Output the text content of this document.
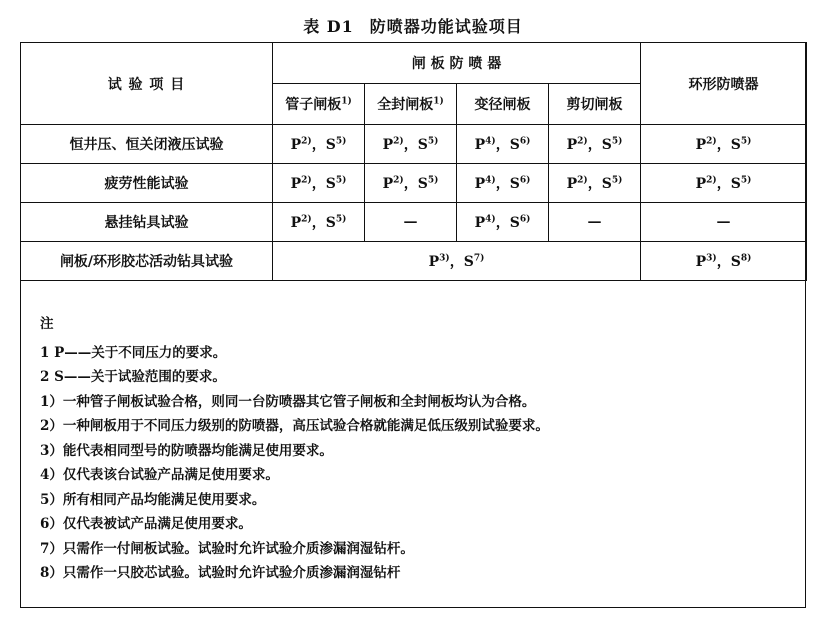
表 D1 防喷器功能试验项目
试 验 项 目	闸 板 防 喷 器				环形防喷器
	管子闸板$^{1)}$	全封闸板$^{1)}$	变径闸板	剪切闸板	
恒井压、恒关闭液压试验	$P^{2)}$，$S^{5)}$	$P^{2)}$，$S^{5)}$	$P^{4)}$，$S^{6)}$	$P^{2)}$，$S^{5)}$	$P^{2)}$，$S^{5)}$
疲劳性能试验	$P^{2)}$，$S^{5)}$	$P^{2)}$，$S^{5)}$	$P^{4)}$，$S^{6)}$	$P^{2)}$，$S^{5)}$	$P^{2)}$，$S^{5)}$
悬挂钻具试验	$P^{2)}$，$S^{5)}$	—	$P^{4)}$，$S^{6)}$	—	—
闸板/环形胶芯活动钻具试验	$P^{3)}$，$S^{7)}$				$P^{3)}$，$S^{8)}$
注
1 P——关于不同压力的要求。
2 S——关于试验范围的要求。
1）一种管子闸板试验合格，则同一台防喷器其它管子闸板和全封闸板均认为合格。
2）一种闸板用于不同压力级别的防喷器，高压试验合格就能满足低压级别试验要求。
3）能代表相同型号的防喷器均能满足使用要求。
4）仅代表该台试验产品满足使用要求。
5）所有相同产品均能满足使用要求。
6）仅代表被试产品满足使用要求。
7）只需作一付闸板试验。试验时允许试验介质渗漏润湿钻杆。
8）只需作一只胶芯试验。试验时允许试验介质渗漏润湿钻杆
